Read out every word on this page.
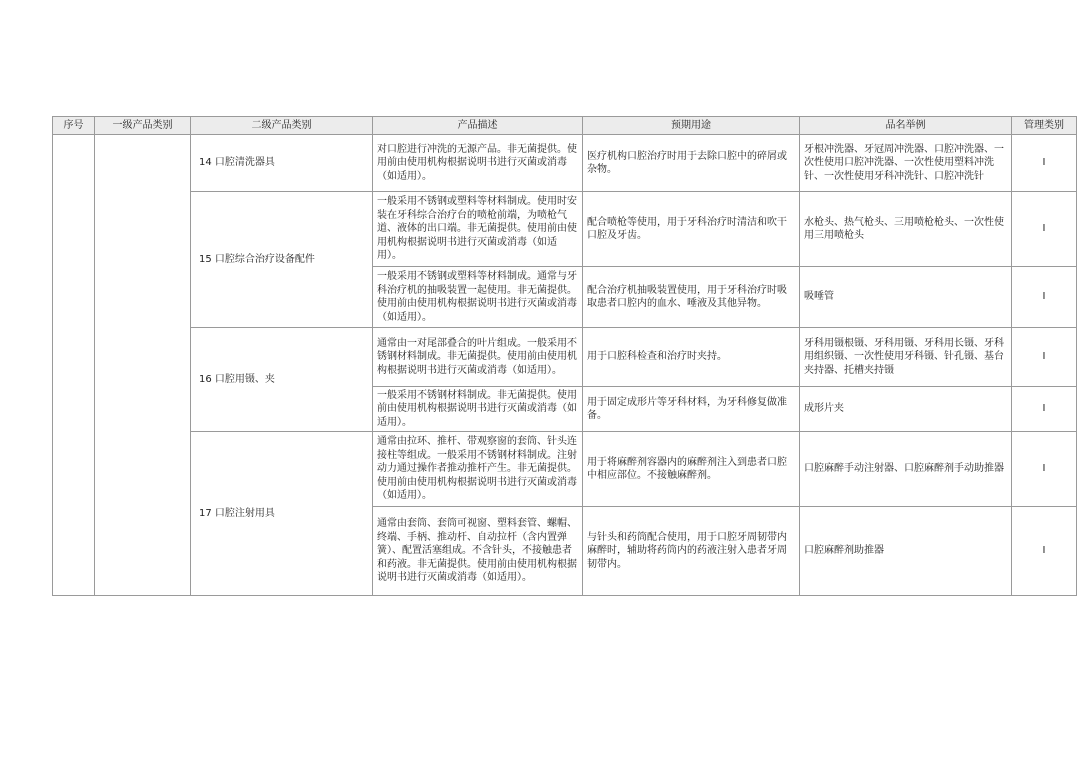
序号	一级产品类别	二级产品类别	产品描述	预期用途	品名举例	管理类别
		14 口腔清洗器具	对口腔进行冲洗的无源产品。非无菌提供。使用前由使用机构根据说明书进行灭菌或消毒（如适用）。	医疗机构口腔治疗时用于去除口腔中的碎屑或杂物。	牙根冲洗器、牙冠周冲洗器、口腔冲洗器、一次性使用口腔冲洗器、一次性使用塑料冲洗针、一次性使用牙科冲洗针、口腔冲洗针	I
		15 口腔综合治疗设备配件	一般采用不锈钢或塑料等材料制成。使用时安装在牙科综合治疗台的喷枪前端，为喷枪气道、液体的出口端。非无菌提供。使用前由使用机构根据说明书进行灭菌或消毒（如适用）。	配合喷枪等使用，用于牙科治疗时清洁和吹干口腔及牙齿。	水枪头、热气枪头、三用喷枪枪头、一次性使用三用喷枪头	I
			一般采用不锈钢或塑料等材料制成。通常与牙科治疗机的抽吸装置一起使用。非无菌提供。使用前由使用机构根据说明书进行灭菌或消毒（如适用）。	配合治疗机抽吸装置使用，用于牙科治疗时吸取患者口腔内的血水、唾液及其他异物。	吸唾管	I
		16 口腔用镊、夹	通常由一对尾部叠合的叶片组成。一般采用不锈钢材料制成。非无菌提供。使用前由使用机构根据说明书进行灭菌或消毒（如适用）。	用于口腔科检查和治疗时夹持。	牙科用镊根镊、牙科用镊、牙科用长镊、牙科用组织镊、一次性使用牙科镊、针孔镊、基台夹持器、托槽夹持镊	I
			一般采用不锈钢材料制成。非无菌提供。使用前由使用机构根据说明书进行灭菌或消毒（如适用）。	用于固定成形片等牙科材料，为牙科修复做准备。	成形片夹	I
		17 口腔注射用具	通常由拉环、推杆、带观察窗的套筒、针头连接柱等组成。一般采用不锈钢材料制成。注射动力通过操作者推动推杆产生。非无菌提供。使用前由使用机构根据说明书进行灭菌或消毒（如适用）。	用于将麻醉剂容器内的麻醉剂注入到患者口腔中相应部位。不接触麻醉剂。	口腔麻醉手动注射器、口腔麻醉剂手动助推器	I
			通常由套筒、套筒可视窗、塑料套管、螺帽、终端、手柄、推动杆、自动拉杆（含内置弹簧）、配置活塞组成。不含针头，不接触患者和药液。非无菌提供。使用前由使用机构根据说明书进行灭菌或消毒（如适用）。	与针头和药筒配合使用，用于口腔牙周韧带内麻醉时，辅助将药筒内的药液注射入患者牙周韧带内。	口腔麻醉剂助推器	I
